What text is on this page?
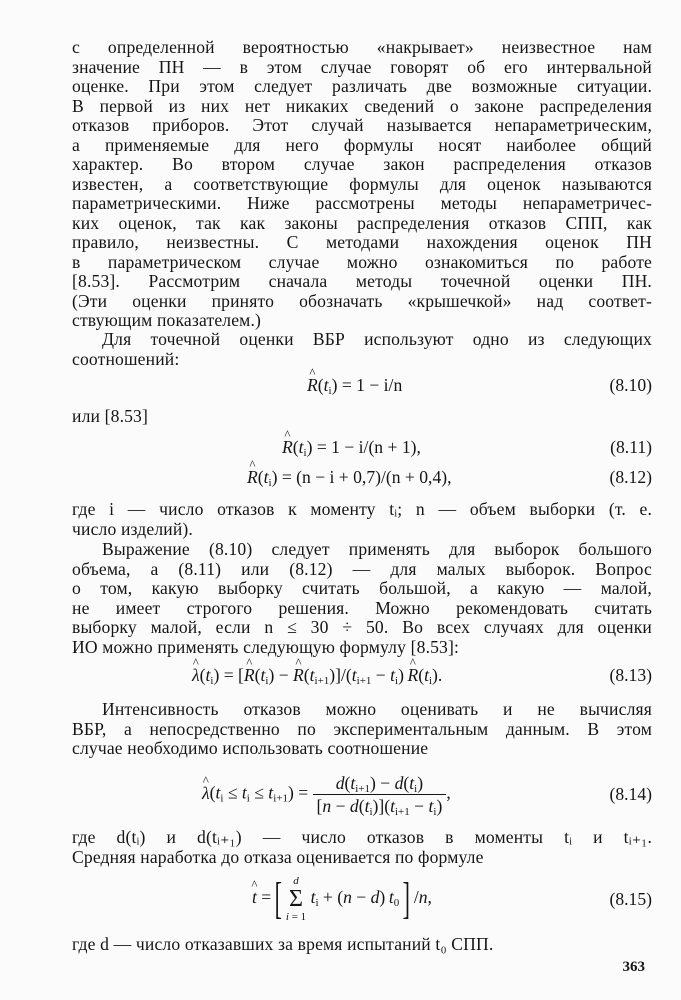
с определенной вероятностью «накрывает» неизвестное нам
значение ПН — в этом случае говорят об его интервальной
оценке. При этом следует различать две возможные ситуации.
В первой из них нет никаких сведений о законе распределения
отказов приборов. Этот случай называется непараметрическим,
а применяемые для него формулы носят наиболее общий
характер. Во втором случае закон распределения отказов
известен, а соответствующие формулы для оценок называются
параметрическими. Ниже рассмотрены методы непараметричес-
ких оценок, так как законы распределения отказов СПП, как
правило, неизвестны. С методами нахождения оценок ПН
в параметрическом случае можно ознакомиться по работе
[8.53]. Рассмотрим сначала методы точечной оценки ПН.
(Эти оценки принято обозначать «крышечкой» над соответ-
ствующим показателем.)
Для точечной оценки ВБР используют одно из следующих
соотношений:
^ $R(t_i) = 1 - i/n$	(8.10)
или [8.53]
^ $R(t_i) = 1 - i/(n + 1)$,	(8.11)
^ $R(t_i) = (n - i + 0,7)/(n + 0,4)$,	(8.12)
где i — число отказов к моменту tᵢ; n — объем выборки (т. е.
число изделий).
Выражение (8.10) следует применять для выборок большого
объема, а (8.11) или (8.12) — для малых выборок. Вопрос
о том, какую выборку считать большой, а какую — малой,
не имеет строгого решения. Можно рекомендовать считать
выборку малой, если n ≤ 30 ÷ 50. Во всех случаях для оценки
ИО можно применять следующую формулу [8.53]:
^ $\lambda(t_i)$ = [^ $R(t_i)$ − ^ $R(t_{i+1})]/(t_{i+1} - t_i)$ ^ $R(t_i)$.	(8.13)
Интенсивность отказов можно оценивать и не вычисляя
ВБР, а непосредственно по экспериментальным данным. В этом
случае необходимо использовать соотношение
^ $\lambda(t_i \le t_i \le t_{i+1}) = \frac{d(t_{i+1}) - d(t_i)}{[n - d(t_i)](t_{i+1} - t_i)}$ ,	(8.14)
где d(tᵢ) и d(tᵢ₊₁) — число отказов в моменты tᵢ и tᵢ₊₁.
Средняя наработка до отказа оценивается по формуле
^ t =[	d
Σ
i = 1
$t_i + (n - d)$ $t_0$] /n,	(8.15)
где d — число отказавших за время испытаний t₀ СПП.
363
